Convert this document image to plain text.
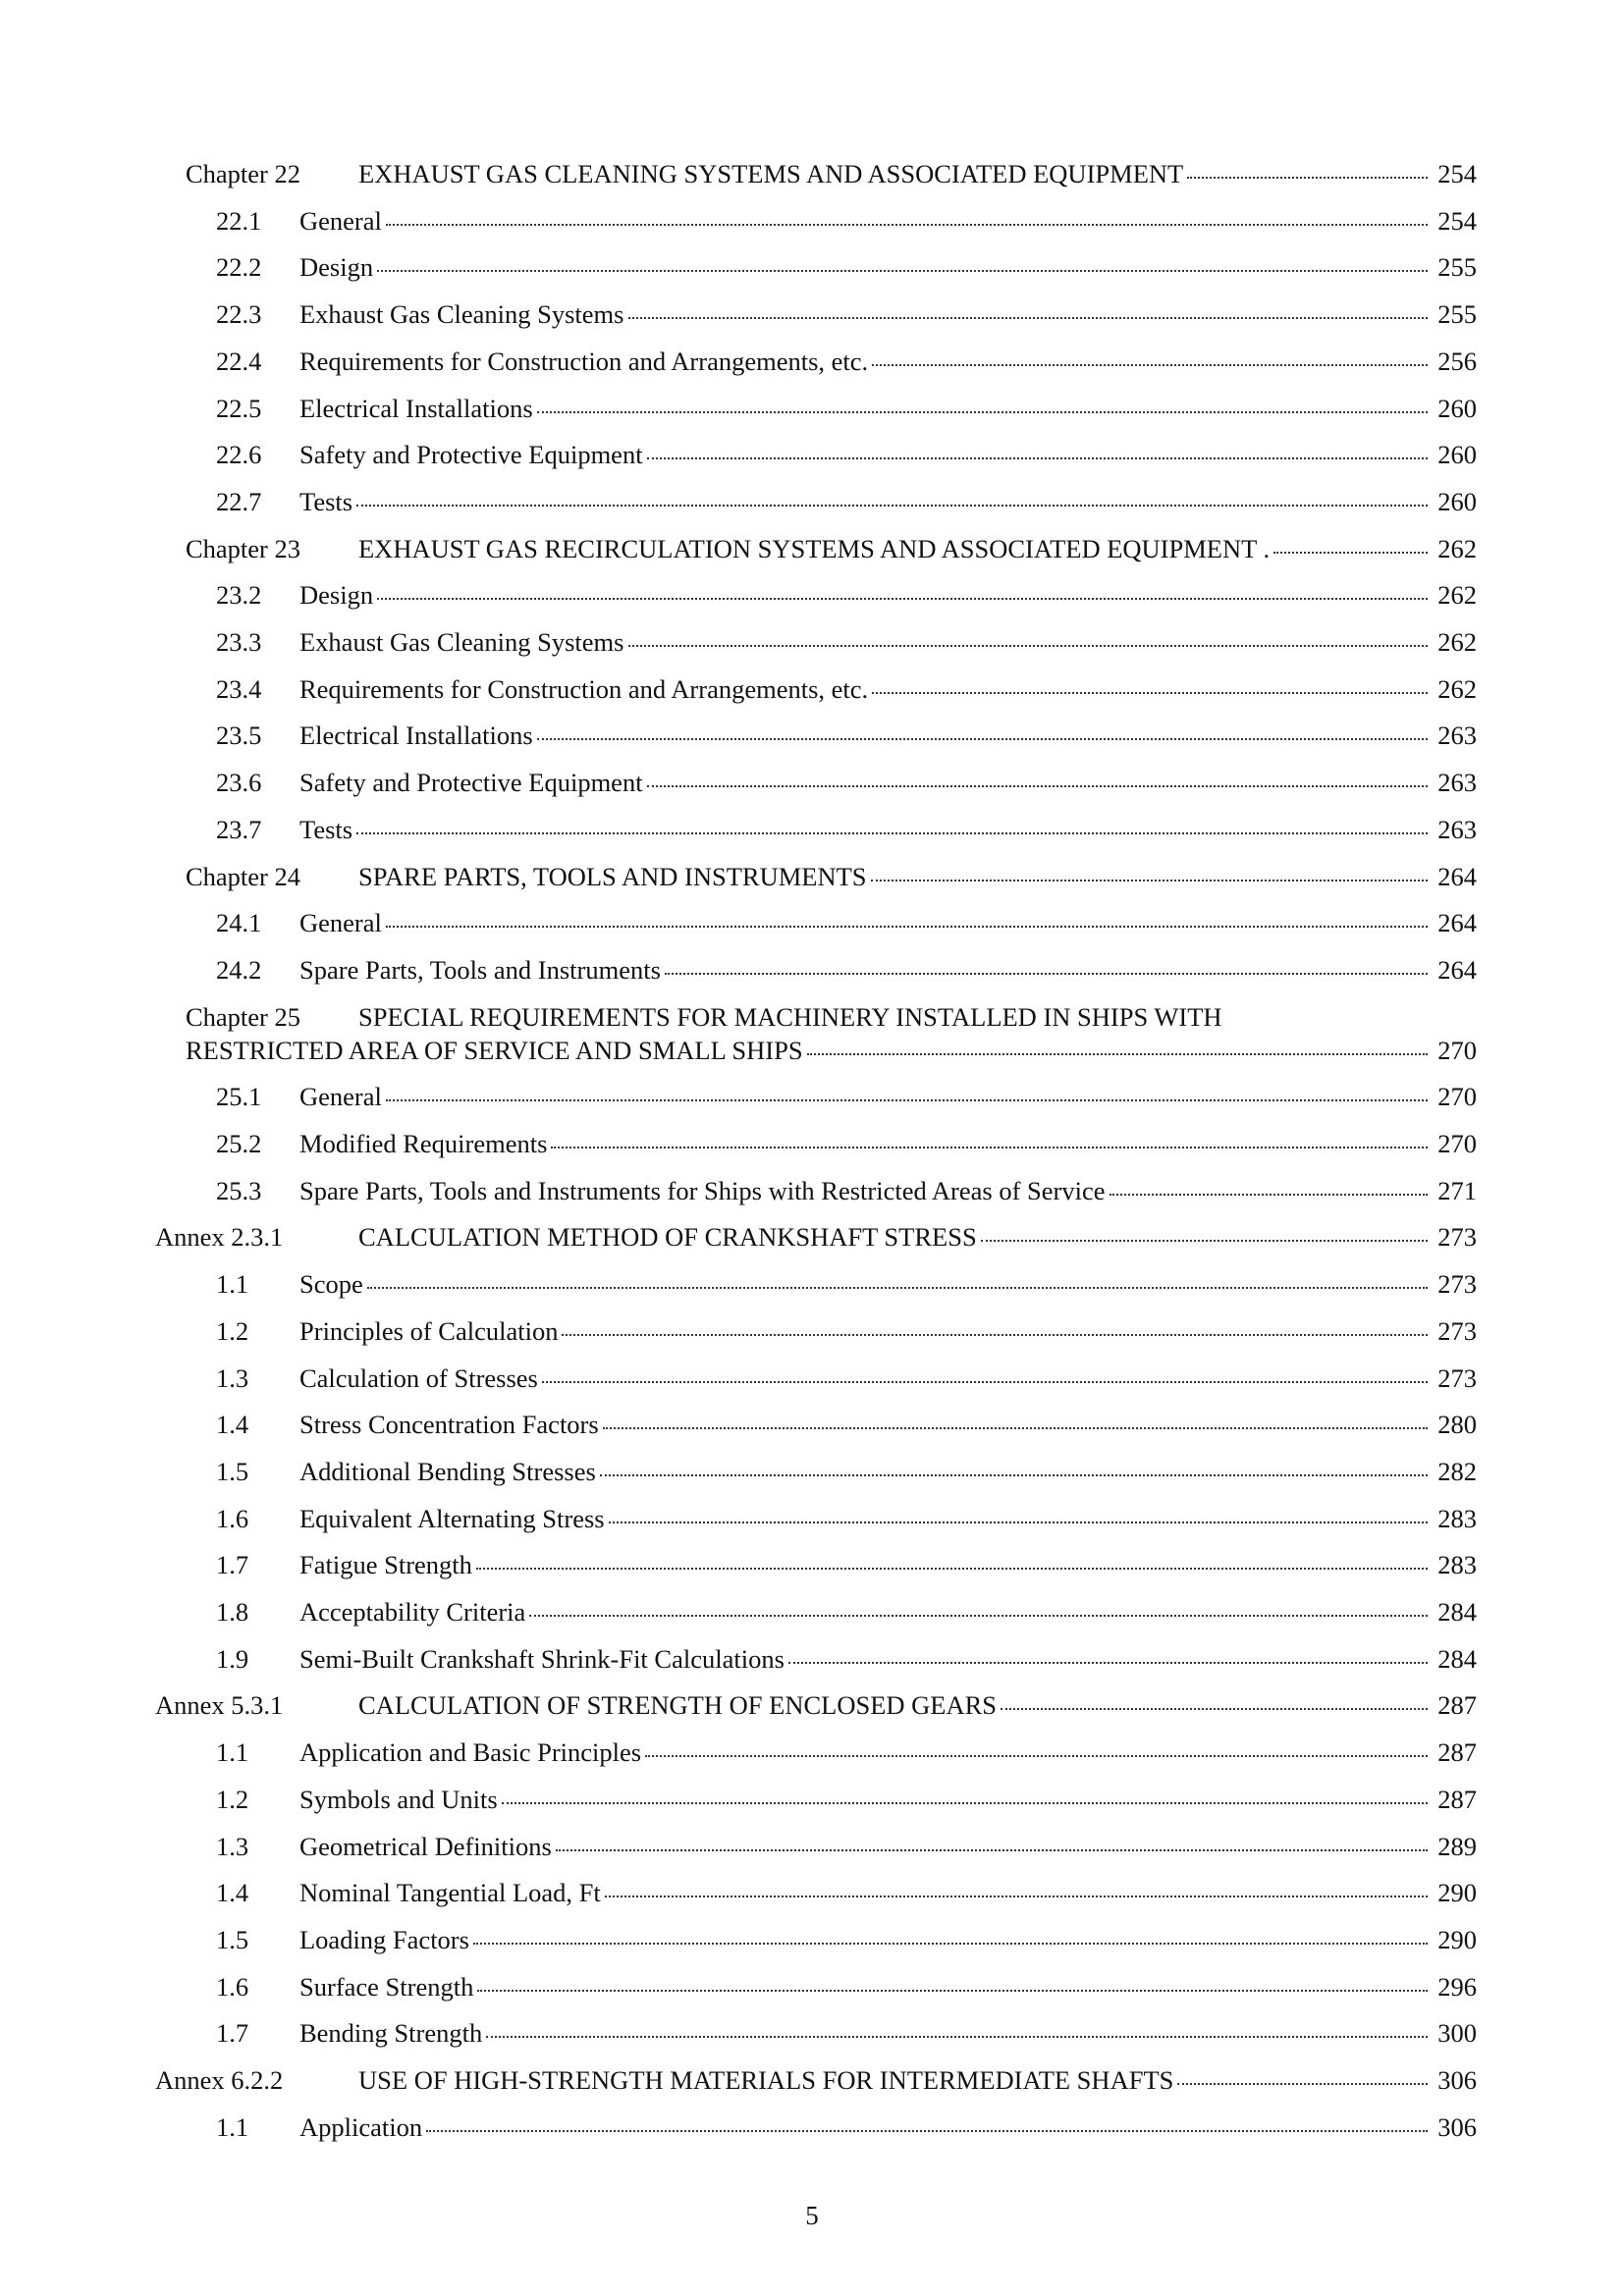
Chapter 22	EXHAUST GAS CLEANING SYSTEMS AND ASSOCIATED EQUIPMENT	254
22.1	General	254
22.2	Design	255
22.3	Exhaust Gas Cleaning Systems	255
22.4	Requirements for Construction and Arrangements, etc.	256
22.5	Electrical Installations	260
22.6	Safety and Protective Equipment	260
22.7	Tests	260
Chapter 23	EXHAUST GAS RECIRCULATION SYSTEMS AND ASSOCIATED EQUIPMENT .	262
23.2	Design	262
23.3	Exhaust Gas Cleaning Systems	262
23.4	Requirements for Construction and Arrangements, etc.	262
23.5	Electrical Installations	263
23.6	Safety and Protective Equipment	263
23.7	Tests	263
Chapter 24	SPARE PARTS, TOOLS AND INSTRUMENTS	264
24.1	General	264
24.2	Spare Parts, Tools and Instruments	264
Chapter 25 SPECIAL REQUIREMENTS FOR MACHINERY INSTALLED IN SHIPS WITH
RESTRICTED AREA OF SERVICE AND SMALL SHIPS	270
25.1	General	270
25.2	Modified Requirements	270
25.3	Spare Parts, Tools and Instruments for Ships with Restricted Areas of Service	271
Annex 2.3.1	CALCULATION METHOD OF CRANKSHAFT STRESS	273
1.1	Scope	273
1.2	Principles of Calculation	273
1.3	Calculation of Stresses	273
1.4	Stress Concentration Factors	280
1.5	Additional Bending Stresses	282
1.6	Equivalent Alternating Stress	283
1.7	Fatigue Strength	283
1.8	Acceptability Criteria	284
1.9	Semi-Built Crankshaft Shrink-Fit Calculations	284
Annex 5.3.1	CALCULATION OF STRENGTH OF ENCLOSED GEARS	287
1.1	Application and Basic Principles	287
1.2	Symbols and Units	287
1.3	Geometrical Definitions	289
1.4	Nominal Tangential Load, Ft	290
1.5	Loading Factors	290
1.6	Surface Strength	296
1.7	Bending Strength	300
Annex 6.2.2	USE OF HIGH-STRENGTH MATERIALS FOR INTERMEDIATE SHAFTS	306
1.1	Application	306
5
